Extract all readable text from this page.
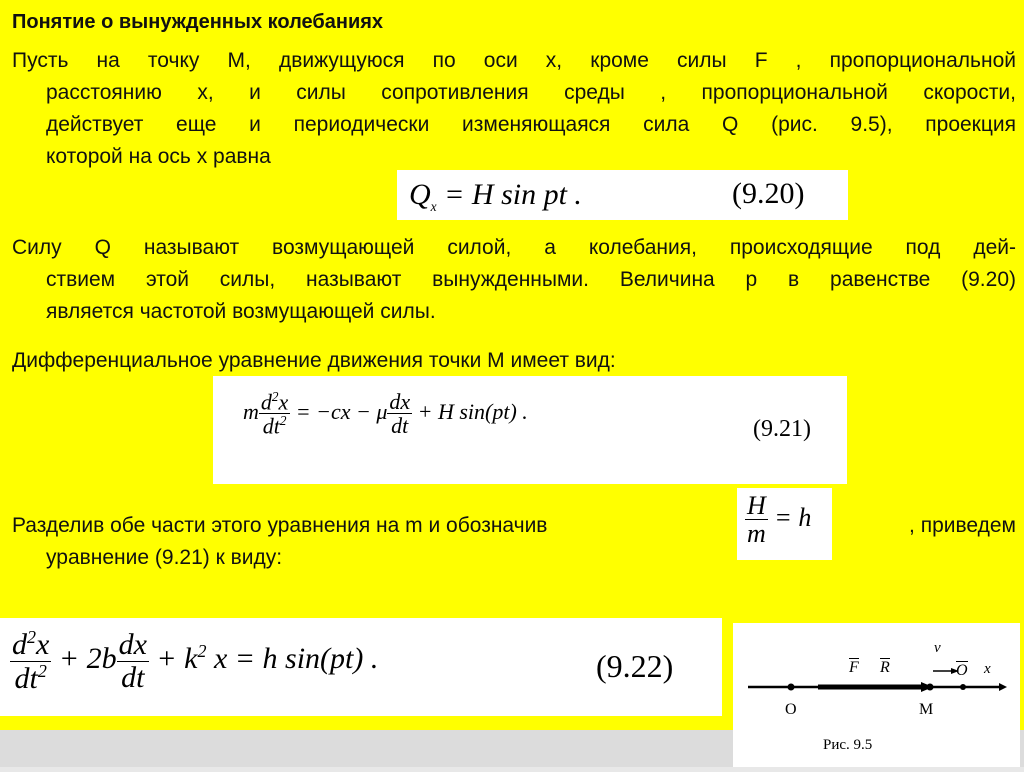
Понятие о вынужденных колебаниях
Пусть на точку М, движущуюся по оси x, кроме силы F , пропорциональной
расстоянию x, и силы сопротивления среды , пропорциональной скорости,
действует еще и периодически изменяющаяся сила Q (рис. 9.5), проекция
которой на ось x равна
$Q_x = H$ sin pt .	(9.20)
Силу Q называют возмущающей силой, а колебания, происходящие под дей-
ствием этой силы, называют вынужденными. Величина p в равенстве (9.20)
является частотой возмущающей силы.
Дифференциальное уравнение движения точки М имеет вид:
m $\frac{d^2x}{dt^2} = -cx - \mu \frac{dx}{dt} + H$ sin(pt) .
(9.21)
Разделив обе части этого уравнения на m и обозначив	, приведем
уравнение (9.21) к виду:
$\frac{H}{m} = h$
$\frac{d^2x}{dt^2} + 2b \frac{dx}{dt} + k^2$ x = h sin(pt) .	(9.22)	F R
v
O x
O	M
Рис. 9.5
